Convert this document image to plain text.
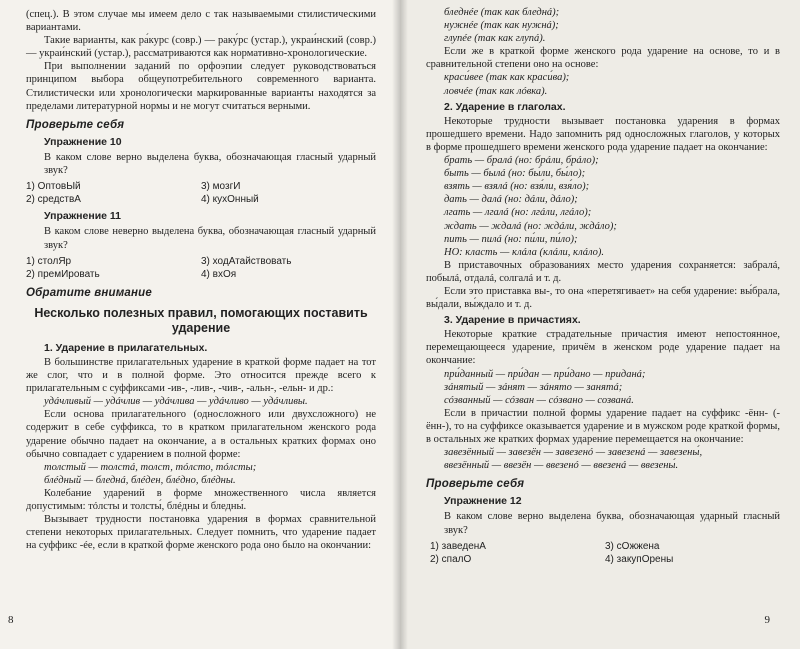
(спец.). В этом случае мы имеем дело с так называемыми стилистическими вариантами.

Такие варианты, как ра́курс (совр.) — раку́рс (устар.), украи́нский (совр.) — украи́нский (устар.), рассматриваются как нормативно-хронологические.

При выполнении заданий по орфоэпии следует руководствоваться принципом выбора общеупотребительного современного варианта. Стилистически или хронологически маркированные варианты находятся за пределами литературной нормы и не могут считаться верными.

Проверьте себя
Упражнение 10

В каком слове верно выделена буква, обозначающая гласный ударный звук?

1) ОптовЫй	3) мозгИ
2) средствА	4) кухОнный
Упражнение 11

В каком слове неверно выделена буква, обозначающая гласный ударный звук?

1) столЯр	3) ходАтайствовать
2) премИровать	4) вхОя
Обратите внимание
Несколько полезных правил, помогающих поставить ударение
1. Ударение в прилагательных.

В большинстве прилагательных ударение в краткой форме падает на тот же слог, что и в полной форме. Это относится прежде всего к прилагательным с суффиксами -ив-, -лив-, -чив-, -альн-, -ельн- и др.:

удáчливый — удáчлив — удáчлива — удáчливо — удáчливы.

Если основа прилагательного (односложного или двухсложного) не содержит в себе суффикса, то в кратком прилагательном женского рода ударение обычно падает на окончание, а в остальных кратких формах оно обычно совпадает с ударением в полной форме:

толстый — толстá, толст, тóлсто, тóлсты;

блéдный — бледнá, блéден, блéдно, блéдны.

Колебание ударений в форме множественного числа является допустимым: тóлсты и толсты́, блéдны и бледны́.

Вызывает трудности постановка ударения в формах сравнительной степени некоторых прилагательных. Следует помнить, что ударение падает на суффикс -ée, если в краткой форме женского рода оно было на окончании:

8

бледнéе (так как бледнá);

нужнéе (так как нужнá);

глупéе (так как глупá).

Если же в краткой форме женского рода ударение на основе, то и в сравнительной степени оно на основе:

краси́вее (так как краси́ва);

ловчéе (так как лóвка).

2. Ударение в глаголах.

Некоторые трудности вызывает постановка ударения в формах прошедшего времени. Надо запомнить ряд односложных глаголов, у которых в форме прошедшего времени женского рода ударение падает на окончание:

брать — бралá (но: брáли, брáло);

быть — былá (но: бы́ли, бы́ло);

взять — взялá (но: взя́ли, взя́ло);

дать — далá (но: дáли, дáло);

лгать — лгалá (но: лгáли, лгáло);

ждать — ждалá (но: ждáли, ждáло);

пить — пилá (но: пи́ли, пи́ло);

НО: класть — клáла (клáли, клáло).

В приставочных образованиях место ударения сохраняется: забралá, побылá, отдалá, солгалá и т. д.

Если это приставка вы-, то она «перетягивает» на себя ударение: вы́брала, вы́дали, вы́ждало и т. д.

3. Ударение в причастиях.

Некоторые краткие страдательные причастия имеют непостоянное, перемещающееся ударение, причём в женском роде ударение падает на окончание:

при́данный — при́дан — при́дано — приданá;

зáнятый — зáнят — зáнято — занятá;

сóзванный — сóзван — сóзвано — созванá.

Если в причастии полной формы ударение падает на суффикс -ённ- (-ённ-), то на суффиксе оказывается ударение и в мужском роде краткой формы, в остальных же кратких формах ударение перемещается на окончание:

завезённый — завезён — завезенó — завезенá — завезены́,

ввезённый — ввезён — ввезенó — ввезенá — ввезены́.

Проверьте себя
Упражнение 12

В каком слове верно выделена буква, обозначающая ударный гласный звук?

1) заведенА	3) сОжжена
2) спалО	4) закупОрены
9
